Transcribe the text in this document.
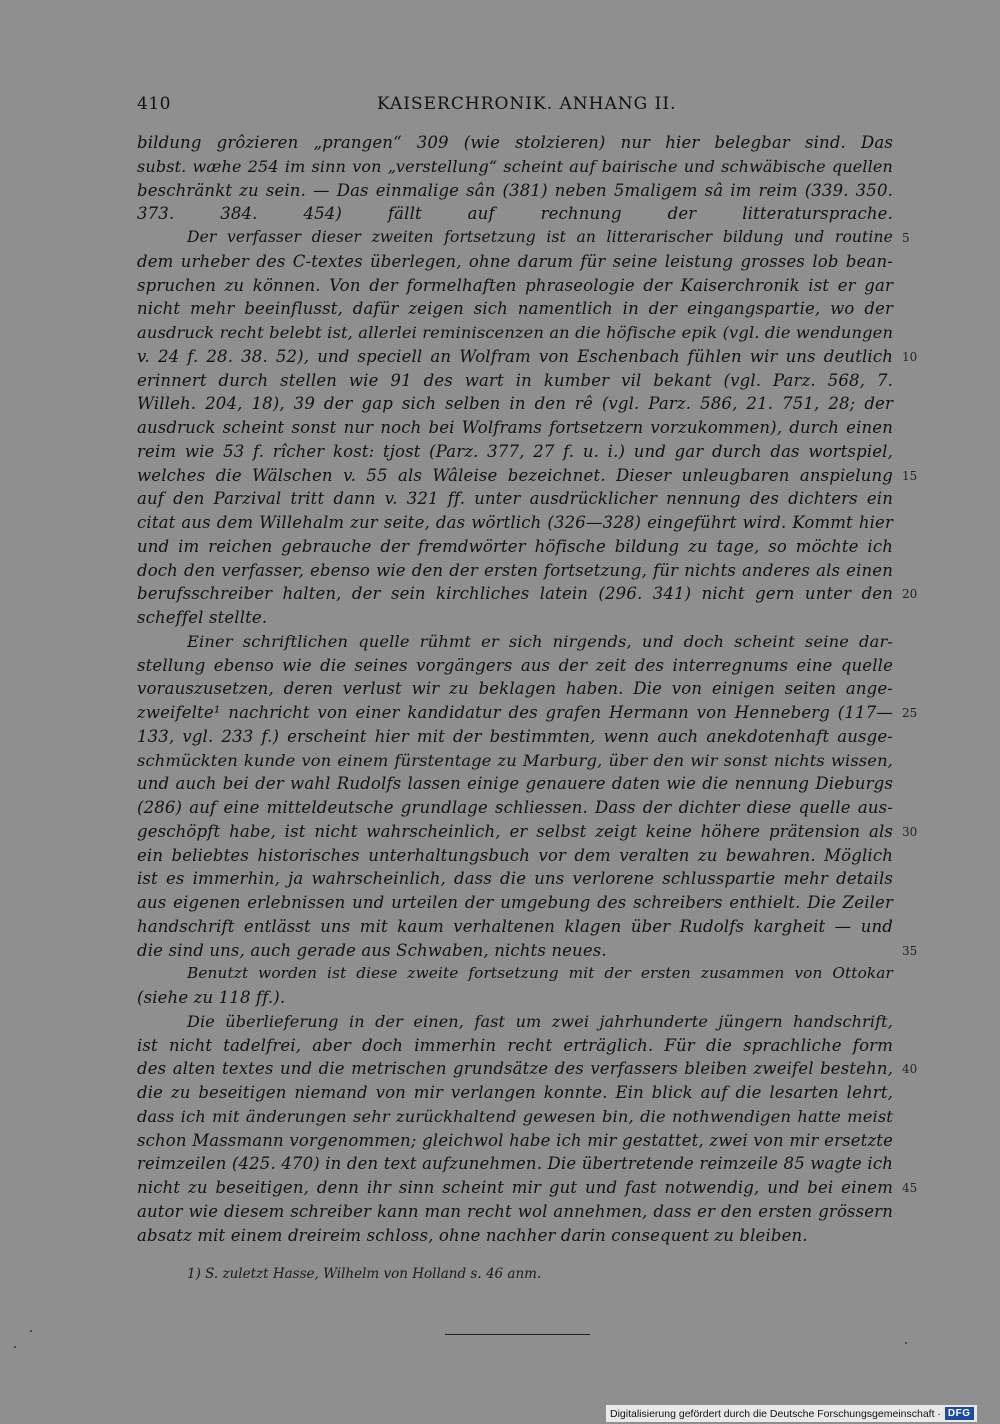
410	KAISERCHRONIK. ANHANG II.
bildung grôzieren „prangen“ 309 (wie stolzieren) nur hier belegbar sind. Das
subst. wæhe 254 im sinn von „verstellung“ scheint auf bairische und schwäbische quellen
beschränkt zu sein. — Das einmalige sân (381) neben 5maligem sâ im reim (339. 350.
373. 384. 454) fällt auf rechnung der litteratursprache.
Der verfasser dieser zweiten fortsetzung ist an litterarischer bildung und routine
dem urheber des C-textes überlegen, ohne darum für seine leistung grosses lob bean-
spruchen zu können. Von der formelhaften phraseologie der Kaiserchronik ist er gar
nicht mehr beeinflusst, dafür zeigen sich namentlich in der eingangspartie, wo der
ausdruck recht belebt ist, allerlei reminiscenzen an die höfische epik (vgl. die wendungen
v. 24 f. 28. 38. 52), und speciell an Wolfram von Eschenbach fühlen wir uns deutlich
erinnert durch stellen wie 91 des wart in kumber vil bekant (vgl. Parz. 568, 7.
Willeh. 204, 18), 39 der gap sich selben in den rê (vgl. Parz. 586, 21. 751, 28; der
ausdruck scheint sonst nur noch bei Wolframs fortsetzern vorzukommen), durch einen
reim wie 53 f. rîcher kost: tjost (Parz. 377, 27 f. u. i.) und gar durch das wortspiel,
welches die Wälschen v. 55 als Wâleise bezeichnet. Dieser unleugbaren anspielung
auf den Parzival tritt dann v. 321 ff. unter ausdrücklicher nennung des dichters ein
citat aus dem Willehalm zur seite, das wörtlich (326—328) eingeführt wird. Kommt hier
und im reichen gebrauche der fremdwörter höfische bildung zu tage, so möchte ich
doch den verfasser, ebenso wie den der ersten fortsetzung, für nichts anderes als einen
berufsschreiber halten, der sein kirchliches latein (296. 341) nicht gern unter den
scheffel stellte.
Einer schriftlichen quelle rühmt er sich nirgends, und doch scheint seine dar-
stellung ebenso wie die seines vorgängers aus der zeit des interregnums eine quelle
vorauszusetzen, deren verlust wir zu beklagen haben. Die von einigen seiten ange-
zweifelte¹ nachricht von einer kandidatur des grafen Hermann von Henneberg (117—
133, vgl. 233 f.) erscheint hier mit der bestimmten, wenn auch anekdotenhaft ausge-
schmückten kunde von einem fürstentage zu Marburg, über den wir sonst nichts wissen,
und auch bei der wahl Rudolfs lassen einige genauere daten wie die nennung Dieburgs
(286) auf eine mitteldeutsche grundlage schliessen. Dass der dichter diese quelle aus-
geschöpft habe, ist nicht wahrscheinlich, er selbst zeigt keine höhere prätension als
ein beliebtes historisches unterhaltungsbuch vor dem veralten zu bewahren. Möglich
ist es immerhin, ja wahrscheinlich, dass die uns verlorene schlusspartie mehr details
aus eigenen erlebnissen und urteilen der umgebung des schreibers enthielt. Die Zeiler
handschrift entlässt uns mit kaum verhaltenen klagen über Rudolfs kargheit — und
die sind uns, auch gerade aus Schwaben, nichts neues.
Benutzt worden ist diese zweite fortsetzung mit der ersten zusammen von Ottokar
(siehe zu 118 ff.).
Die überlieferung in der einen, fast um zwei jahrhunderte jüngern handschrift,
ist nicht tadelfrei, aber doch immerhin recht erträglich. Für die sprachliche form
des alten textes und die metrischen grundsätze des verfassers bleiben zweifel bestehn,
die zu beseitigen niemand von mir verlangen konnte. Ein blick auf die lesarten lehrt,
dass ich mit änderungen sehr zurückhaltend gewesen bin, die nothwendigen hatte meist
schon Massmann vorgenommen; gleichwol habe ich mir gestattet, zwei von mir ersetzte
reimzeilen (425. 470) in den text aufzunehmen. Die übertretende reimzeile 85 wagte ich
nicht zu beseitigen, denn ihr sinn scheint mir gut und fast notwendig, und bei einem
autor wie diesem schreiber kann man recht wol annehmen, dass er den ersten grössern
absatz mit einem dreireim schloss, ohne nachher darin consequent zu bleiben.
5
10
15
20
25
30
35
40
45
1) S. zuletzt Hasse, Wilhelm von Holland s. 46 anm.
Digitalisierung gefördert durch die Deutsche Forschungsgemeinschaft · DFG
